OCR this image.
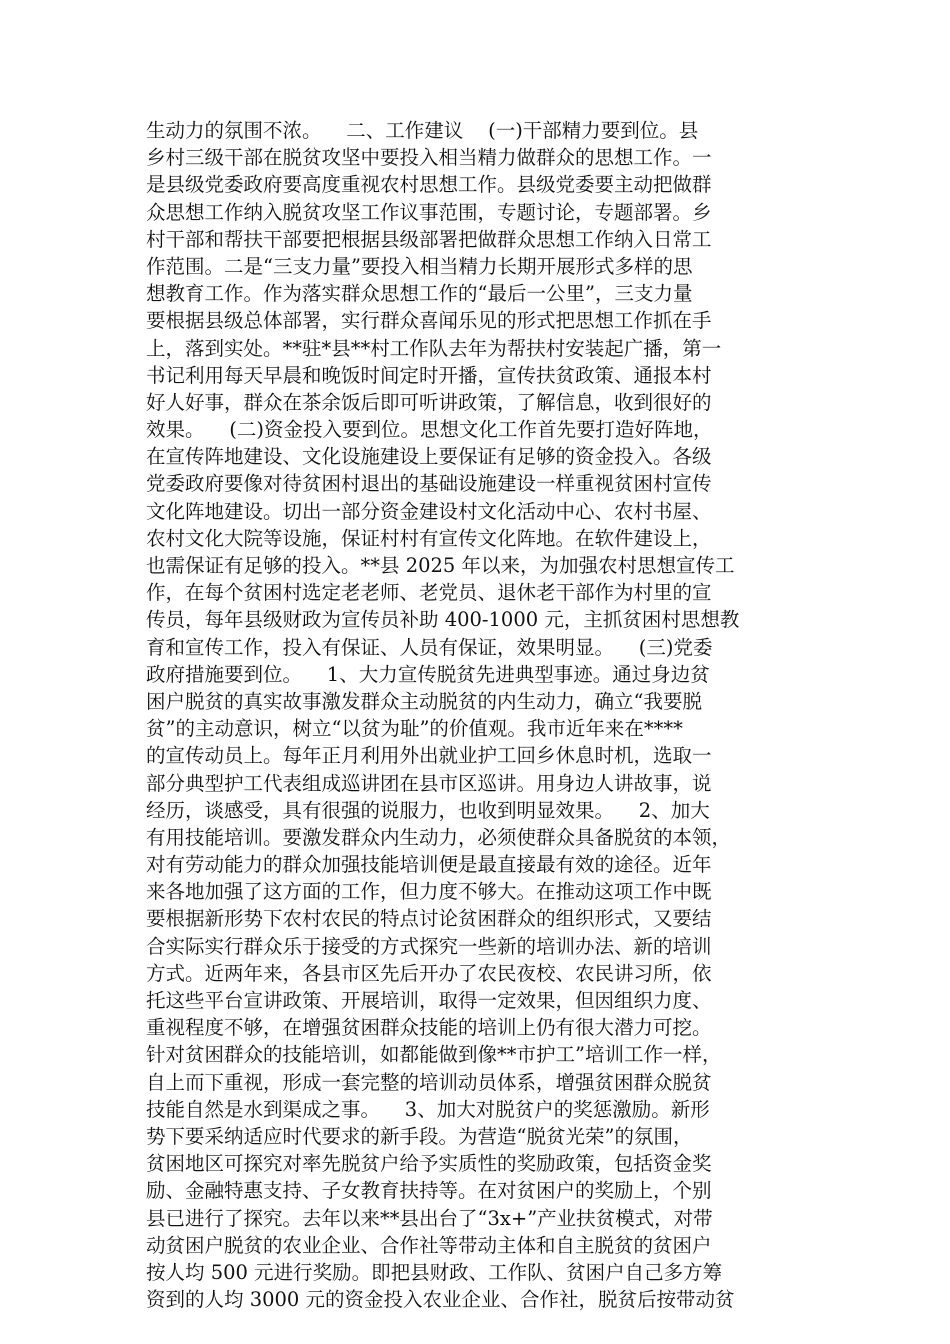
生动力的氛围不浓。    二、工作建议    (一)干部精力要到位。县
乡村三级干部在脱贫攻坚中要投入相当精力做群众的思想工作。一
是县级党委政府要高度重视农村思想工作。县级党委要主动把做群
众思想工作纳入脱贫攻坚工作议事范围，专题讨论，专题部署。乡
村干部和帮扶干部要把根据县级部署把做群众思想工作纳入日常工
作范围。二是“三支力量”要投入相当精力长期开展形式多样的思
想教育工作。作为落实群众思想工作的“最后一公里”，三支力量
要根据县级总体部署，实行群众喜闻乐见的形式把思想工作抓在手
上，落到实处。**驻*县**村工作队去年为帮扶村安装起广播，第一
书记利用每天早晨和晚饭时间定时开播，宣传扶贫政策、通报本村
好人好事，群众在茶余饭后即可听讲政策，了解信息，收到很好的
效果。    (二)资金投入要到位。思想文化工作首先要打造好阵地，
在宣传阵地建设、文化设施建设上要保证有足够的资金投入。各级
党委政府要像对待贫困村退出的基础设施建设一样重视贫困村宣传
文化阵地建设。切出一部分资金建设村文化活动中心、农村书屋、
农村文化大院等设施，保证村村有宣传文化阵地。在软件建设上，
也需保证有足够的投入。**县 2025 年以来，为加强农村思想宣传工
作，在每个贫困村选定老老师、老党员、退休老干部作为村里的宣
传员，每年县级财政为宣传员补助 400-1000 元，主抓贫困村思想教
育和宣传工作，投入有保证、人员有保证，效果明显。    (三)党委
政府措施要到位。    1、大力宣传脱贫先进典型事迹。通过身边贫
困户脱贫的真实故事激发群众主动脱贫的内生动力，确立“我要脱
贫”的主动意识，树立“以贫为耻”的价值观。我市近年来在****
的宣传动员上。每年正月利用外出就业护工回乡休息时机，选取一
部分典型护工代表组成巡讲团在县市区巡讲。用身边人讲故事，说
经历，谈感受，具有很强的说服力，也收到明显效果。    2、加大
有用技能培训。要激发群众内生动力，必须使群众具备脱贫的本领，
对有劳动能力的群众加强技能培训便是最直接最有效的途径。近年
来各地加强了这方面的工作，但力度不够大。在推动这项工作中既
要根据新形势下农村农民的特点讨论贫困群众的组织形式，又要结
合实际实行群众乐于接受的方式探究一些新的培训办法、新的培训
方式。近两年来，各县市区先后开办了农民夜校、农民讲习所，依
托这些平台宣讲政策、开展培训，取得一定效果，但因组织力度、
重视程度不够，在增强贫困群众技能的培训上仍有很大潜力可挖。
针对贫困群众的技能培训，如都能做到像**市护工”培训工作一样，
自上而下重视，形成一套完整的培训动员体系，增强贫困群众脱贫
技能自然是水到渠成之事。    3、加大对脱贫户的奖惩激励。新形
势下要采纳适应时代要求的新手段。为营造“脱贫光荣”的氛围，
贫困地区可探究对率先脱贫户给予实质性的奖励政策，包括资金奖
励、金融特惠支持、子女教育扶持等。在对贫困户的奖励上，个别
县已进行了探究。去年以来**县出台了“3x+”产业扶贫模式，对带
动贫困户脱贫的农业企业、合作社等带动主体和自主脱贫的贫困户
按人均 500 元进行奖励。即把县财政、工作队、贫困户自己多方筹
资到的人均 3000 元的资金投入农业企业、合作社，脱贫后按带动贫
